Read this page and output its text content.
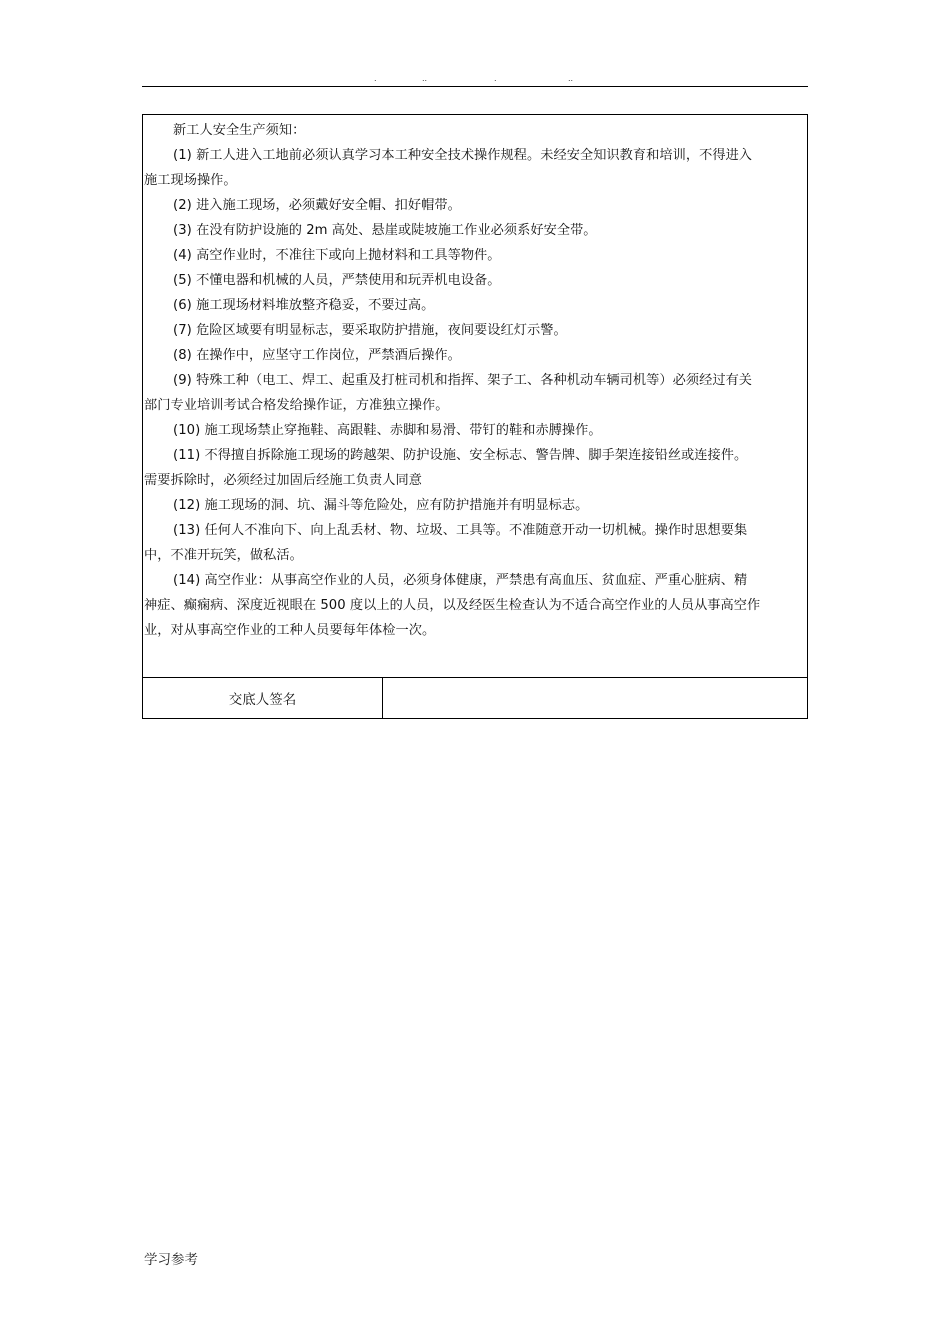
.	..	.	..
新工人安全生产须知：
(1) 新工人进入工地前必须认真学习本工种安全技术操作规程。未经安全知识教育和培训，不得进入
施工现场操作。
(2) 进入施工现场，必须戴好安全帽、扣好帽带。
(3) 在没有防护设施的 2m 高处、悬崖或陡坡施工作业必须系好安全带。
(4) 高空作业时，不准往下或向上抛材料和工具等物件。
(5) 不懂电器和机械的人员，严禁使用和玩弄机电设备。
(6) 施工现场材料堆放整齐稳妥，不要过高。
(7) 危险区域要有明显标志，要采取防护措施，夜间要设红灯示警。
(8) 在操作中，应坚守工作岗位，严禁酒后操作。
(9) 特殊工种（电工、焊工、起重及打桩司机和指挥、架子工、各种机动车辆司机等）必须经过有关
部门专业培训考试合格发给操作证，方准独立操作。
(10) 施工现场禁止穿拖鞋、高跟鞋、赤脚和易滑、带钉的鞋和赤膊操作。
(11) 不得擅自拆除施工现场的跨越架、防护设施、安全标志、警告牌、脚手架连接铅丝或连接件。
需要拆除时，必须经过加固后经施工负责人同意
(12) 施工现场的洞、坑、漏斗等危险处，应有防护措施并有明显标志。
(13) 任何人不准向下、向上乱丢材、物、垃圾、工具等。不准随意开动一切机械。操作时思想要集
中，不准开玩笑，做私活。
(14) 高空作业：从事高空作业的人员，必须身体健康，严禁患有高血压、贫血症、严重心脏病、精
神症、癫痫病、深度近视眼在 500 度以上的人员，以及经医生检查认为不适合高空作业的人员从事高空作
业，对从事高空作业的工种人员要每年体检一次。
交底人签名
学习参考
